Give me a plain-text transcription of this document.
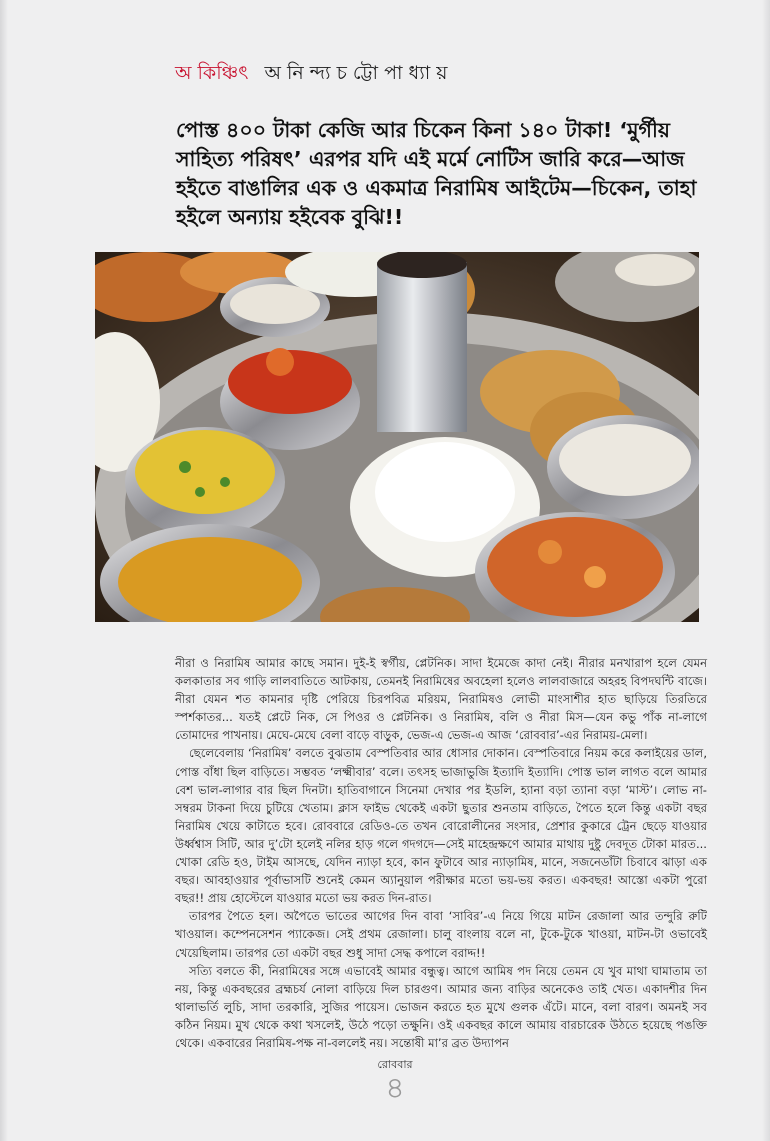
অ কিঞ্চিৎ অ নি ন্দ্য চ ট্টো পা ধ্যা য়
পোস্ত ৪০০ টাকা কেজি আর চিকেন কিনা ১৪০ টাকা! ‘মুর্গীয় সাহিত্য পরিষৎ’ এরপর যদি এই মর্মে নোটিস জারি করে—আজ হইতে বাঙালির এক ও একমাত্র নিরামিষ আইটেম—চিকেন, তাহা হইলে অন্যায় হইবেক বুঝি!!

নীরা ও নিরামিষ আমার কাছে সমান। দুই-ই স্বর্গীয়, প্লেটনিক। সাদা ইমেজে কাদা নেই। নীরার মনখারাপ হলে যেমন কলকাতার সব গাড়ি লালবাতিতে আটকায়, তেমনই নিরামিষের অবহেলা হলেও লালবাজারে অহরহ বিপদঘন্টি বাজে। নীরা যেমন শত কামনার দৃষ্টি পেরিয়ে চিরপবিত্র মরিয়ম, নিরামিষও লোভী মাংসাশীর হাত ছাড়িয়ে তিরতিরে স্পর্শকাতর... যতই প্লেটে নিক, সে পিওর ও প্লেটনিক। ও নিরামিষ, বলি ও নীরা মিস—যেন কভু পাঁক না-লাগে তোমাদের পাখনায়। মেঘে-মেঘে বেলা বাড়ে বাড়ুক, ভেজ-এ ভেজ-এ আজ ‘রোববার’-এর নিরাময়-মেলা।

ছেলেবেলায় ‘নিরামিষ’ বলতে বুঝতাম বেস্পতিবার আর ধোসার দোকান। বেস্পতিবারে নিয়ম করে কলাইয়ের ডাল, পোস্ত বাঁধা ছিল বাড়িতে। সম্ভবত ‘লক্ষ্মীবার’ বলে। তৎসহ ভাজাভুজি ইত্যাদি ইত্যাদি। পোস্ত ভাল লাগত বলে আমার বেশ ভাল-লাগার বার ছিল দিনটা। হাতিবাগানে সিনেমা দেখার পর ইডলি, হ্যানা বড়া ত্যানা বড়া ‘মাস্ট’। লোভ না-সম্বরম টাকনা দিয়ে চুটিয়ে খেতাম। ক্লাস ফাইভ থেকেই একটা ছুতার শুনতাম বাড়িতে, পৈতে হলে কিন্তু একটা বছর নিরামিষ খেয়ে কাটাতে হবে। রোববারে রেডিও-তে তখন বোরোলীনের সংসার, প্রেশার কুকারে ট্রেন ছেড়ে যাওয়ার উর্ধ্বশ্বাস সিটি, আর দু’টো হলেই নলির হাড় গলে গদগদে—সেই মাহেন্দ্রক্ষণে আমার মাথায় দুষ্টু দেবদূত টোকা মারত... খোকা রেডি হও, টাইম আসছে, যেদিন ন্যাড়া হবে, কান ফুটাবে আর ন্যাড়ামিষ, মানে, সজনেডাঁটা চিবাবে ঝাড়া এক বছর। আবহাওয়ার পূর্বাভাসটি শুনেই কেমন অ্যানুয়াল পরীক্ষার মতো ভয়-ভয় করত। একবছর! আস্তো একটা পুরো বছর!! প্রায় হোস্টেলে যাওয়ার মতো ভয় করত দিন-রাত।

তারপর পৈতে হল। অপৈতে ভাতের আগের দিন বাবা ‘সাবির’-এ নিয়ে গিয়ে মাটন রেজালা আর তন্দুরি রুটি খাওয়াল। কম্পেনসেশন প্যাকেজ। সেই প্রথম রেজালা। চালু বাংলায় বলে না, টুকে-টুকে খাওয়া, মাটন-টা ওভাবেই খেয়েছিলাম। তারপর তো একটা বছর শুধু সাদা সেদ্ধ কপালে বরাদ্দ!!

সত্যি বলতে কী, নিরামিষের সঙ্গে এভাবেই আমার বন্ধুত্ব। আগে আমিষ পদ নিয়ে তেমন যে খুব মাথা ঘামাতাম তা নয়, কিন্তু একবছরের ব্রহ্মচর্য নোলা বাড়িয়ে দিল চারগুণ। আমার জন্য বাড়ির অনেকেও তাই খেত। একাদশীর দিন থালাভর্তি লুচি, সাদা তরকারি, সুজির পায়েস। ভোজন করতে হত মুখে গুলক এঁটে। মানে, বলা বারণ। অমনই সব কঠিন নিয়ম। মুখ থেকে কথা খসলেই, উঠে পড়ো তক্ষুনি। ওই একবছর কালে আমায় বারচারেক উঠতে হয়েছে পঙক্তি থেকে। একবারের নিরামিষ-পক্ষ না-বললেই নয়। সন্তোষী মা’র ব্রত উদ্যাপন

রোববার
৪
